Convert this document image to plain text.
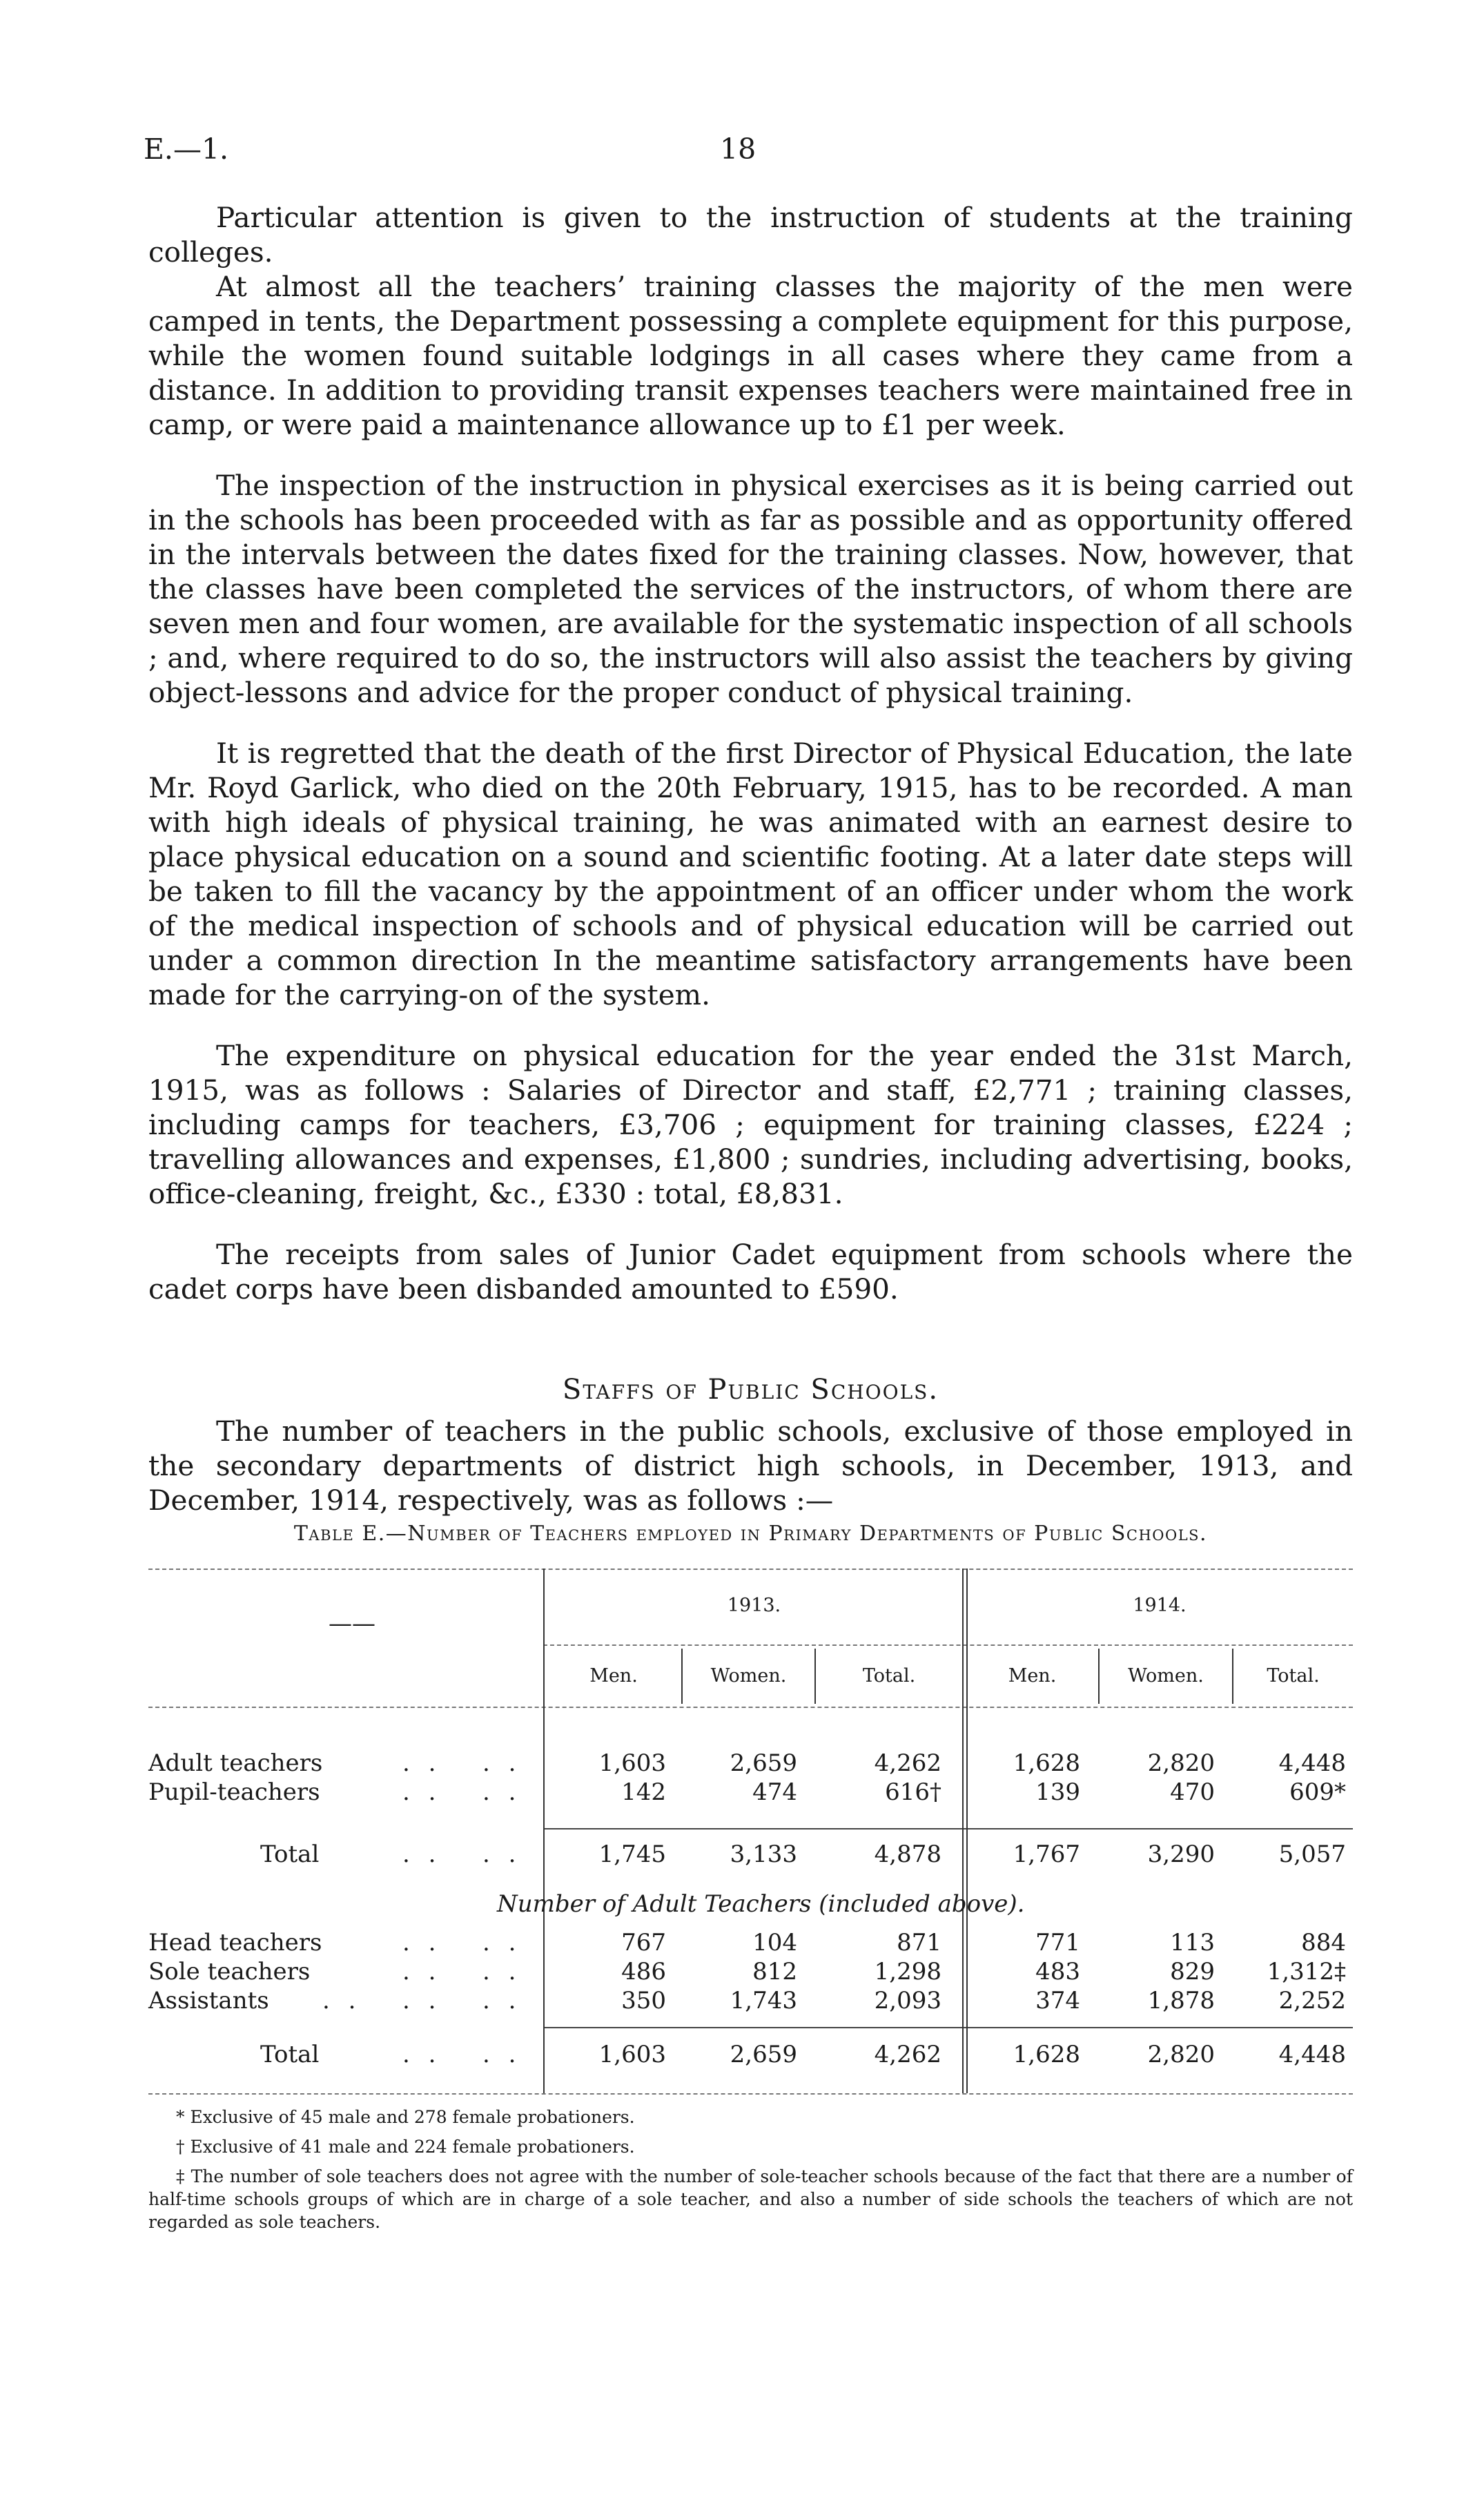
E.—1.	18

Particular attention is given to the instruction of students at the training colleges.

At almost all the teachers’ training classes the majority of the men were camped in tents, the Department possessing a complete equipment for this purpose, while the women found suitable lodgings in all cases where they came from a distance. In addition to providing transit expenses teachers were maintained free in camp, or were paid a maintenance allowance up to £1 per week.

The inspection of the instruction in physical exercises as it is being carried out in the schools has been proceeded with as far as possible and as opportunity offered in the intervals between the dates fixed for the training classes. Now, however, that the classes have been completed the services of the instructors, of whom there are seven men and four women, are available for the systematic inspection of all schools ; and, where required to do so, the instructors will also assist the teachers by giving object-lessons and advice for the proper conduct of physical training.

It is regretted that the death of the first Director of Physical Education, the late Mr. Royd Garlick, who died on the 20th February, 1915, has to be recorded. A man with high ideals of physical training, he was animated with an earnest desire to place physical education on a sound and scientific footing. At a later date steps will be taken to fill the vacancy by the appointment of an officer under whom the work of the medical inspection of schools and of physical education will be carried out under a common direction In the meantime satisfactory arrangements have been made for the carrying-on of the system.

The expenditure on physical education for the year ended the 31st March, 1915, was as follows : Salaries of Director and staff, £2,771 ; training classes, including camps for teachers, £3,706 ; equipment for training classes, £224 ; travelling allowances and expenses, £1,800 ; sundries, including advertising, books, office-cleaning, freight, &c., £330 : total, £8,831.

The receipts from sales of Junior Cadet equipment from schools where the cadet corps have been disbanded amounted to £590.

Staffs of Public Schools.

The number of teachers in the public schools, exclusive of those employed in the secondary departments of district high schools, in December, 1913, and December, 1914, respectively, was as follows :—

Table E.—Number of Teachers employed in Primary Departments of Public Schools.
——
1913.	1914.
Men.	Women.	Total.	Men.	Women.	Total.
Adult teachers	. . . .	1,603	2,659	4,262	1,628	2,820	4,448
Pupil-teachers	. . . .	142	474	616†	139	470	609*
Total	. . . .	1,745	3,133	4,878	1,767	3,290	5,057
Number of Adult Teachers (included above).
Head teachers	. . . .	767	104	871	771	113	884
Sole teachers	. . . .	486	812	1,298	483	829	1,312‡
Assistants . . . . . .	350	1,743	2,093	374	1,878	2,252
Total	. . . .	1,603	2,659	4,262	1,628	2,820	4,448

* Exclusive of 45 male and 278 female probationers.

† Exclusive of 41 male and 224 female probationers.

‡ The number of sole teachers does not agree with the number of sole-teacher schools because of the fact that there are a number of half-time schools groups of which are in charge of a sole teacher, and also a number of side schools the teachers of which are not regarded as sole teachers.
